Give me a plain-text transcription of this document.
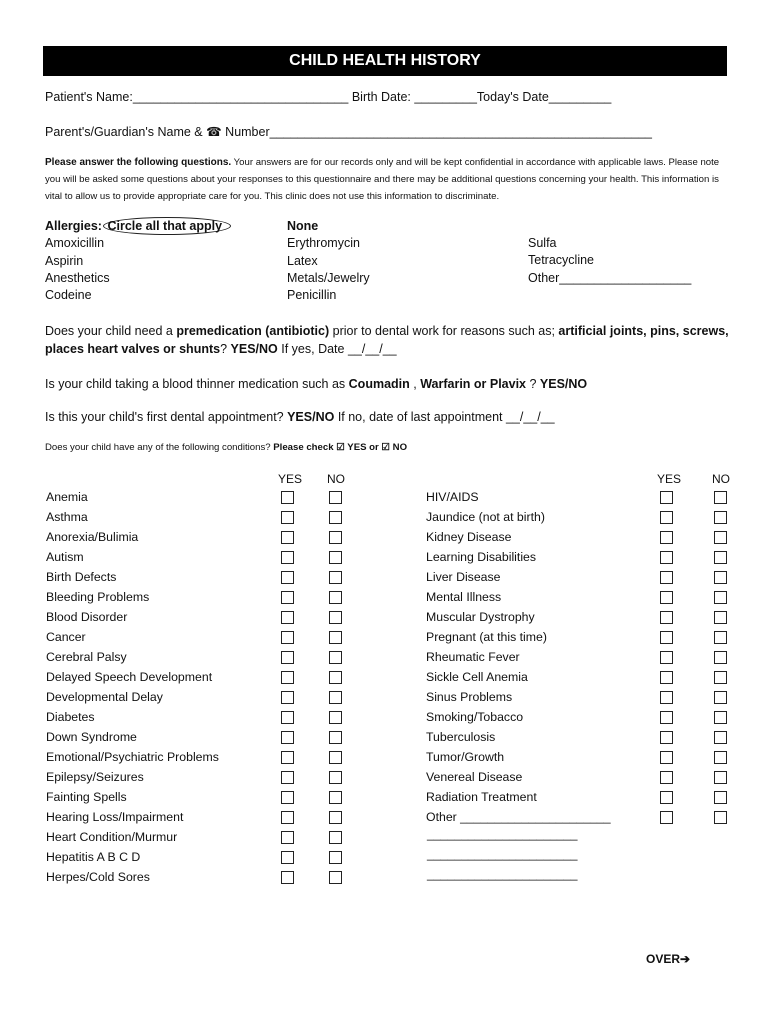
CHILD HEALTH HISTORY
Patient's Name:_______________________________ Birth Date: _________Today's Date_________
Parent's/Guardian's Name & ☎ Number_______________________________________________________
Please answer the following questions. Your answers are for our records only and will be kept confidential in accordance with applicable laws. Please note you will be asked some questions about your responses to this questionnaire and there may be additional questions concerning your health. This information is vital to allow us to provide appropriate care for you. This clinic does not use this information to discriminate.
Allergies: Circle all that apply
Amoxicillin
Aspirin
Anesthetics
Codeine
None
Erythromycin
Latex
Metals/Jewelry
Penicillin
Sulfa
Tetracycline
Other___________________
Does your child need a premedication (antibiotic) prior to dental work for reasons such as; artificial joints, pins, screws, places heart valves or shunts? YES/NO If yes, Date __/__/__
Is your child taking a blood thinner medication such as Coumadin , Warfarin or Plavix ? YES/NO
Is this your child's first dental appointment? YES/NO If no, date of last appointment __/__/__
Does your child have any of the following conditions? Please check ☑ YES or ☑ NO
YES NO	YES	NO
Anemia
Asthma
Anorexia/Bulimia
Autism
Birth Defects
Bleeding Problems
Blood Disorder
Cancer
Cerebral Palsy
Delayed Speech Development
Developmental Delay
Diabetes
Down Syndrome
Emotional/Psychiatric Problems
Epilepsy/Seizures
Fainting Spells
Hearing Loss/Impairment
Heart Condition/Murmur
Hepatitis A B C D
Herpes/Cold Sores
HIV/AIDS
Jaundice (not at birth)
Kidney Disease
Learning Disabilities
Liver Disease
Mental Illness
Muscular Dystrophy
Pregnant (at this time)
Rheumatic Fever
Sickle Cell Anemia
Sinus Problems
Smoking/Tobacco
Tuberculosis
Tumor/Growth
Venereal Disease
Radiation Treatment
Other ______________________
______________________
______________________
______________________
OVER➔
